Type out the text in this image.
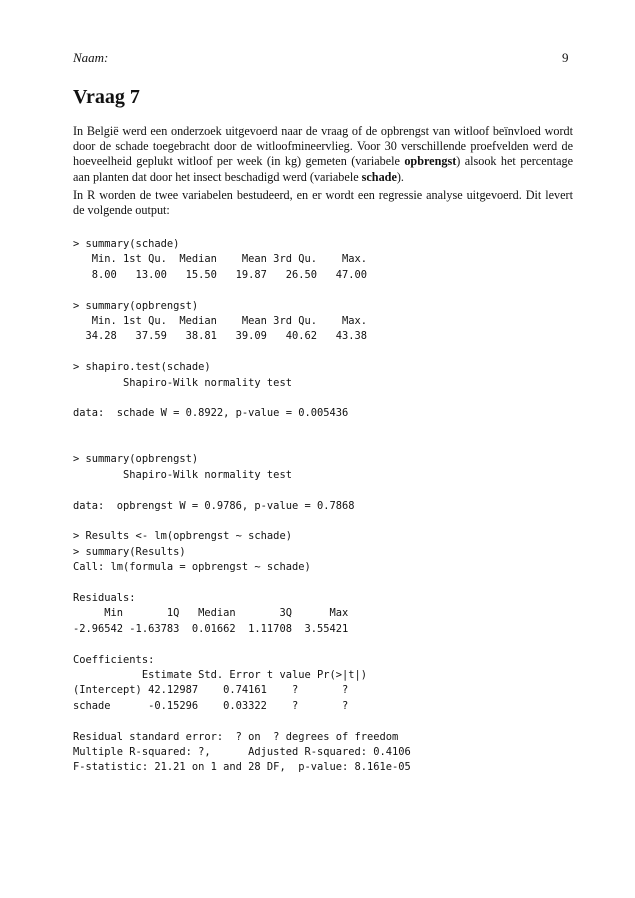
Naam:	9
Vraag 7

In België werd een onderzoek uitgevoerd naar de vraag of de opbrengst van witloof beïnvloed wordt door de schade toegebracht door de witloofmineervlieg. Voor 30 verschillende proefvelden werd de hoeveelheid geplukt witloof per week (in kg) gemeten (variabele opbrengst) alsook het percentage aan planten dat door het insect beschadigd werd (variabele schade).

In R worden de twee variabelen bestudeerd, en er wordt een regressie analyse uitgevoerd. Dit levert de volgende output:

> summary(schade)
Min. 1st Qu.  Median    Mean 3rd Qu.    Max.
8.00   13.00   15.50   19.87   26.50   47.00
> summary(opbrengst)
Min. 1st Qu.  Median    Mean 3rd Qu.    Max.
34.28   37.59   38.81   39.09   40.62   43.38
> shapiro.test(schade)
Shapiro-Wilk normality test
data:  schade W = 0.8922, p-value = 0.005436
> summary(opbrengst)
Shapiro-Wilk normality test
data:  opbrengst W = 0.9786, p-value = 0.7868
> Results <- lm(opbrengst ~ schade)
> summary(Results)
Call: lm(formula = opbrengst ~ schade)
Residuals:
Min       1Q   Median       3Q      Max
-2.96542 -1.63783  0.01662  1.11708  3.55421
Coefficients:
Estimate Std. Error t value Pr(>|t|)
(Intercept) 42.12987    0.74161    ?       ?
schade      -0.15296    0.03322    ?       ?
Residual standard error:  ? on  ? degrees of freedom
Multiple R-squared: ?,      Adjusted R-squared: 0.4106
F-statistic: 21.21 on 1 and 28 DF,  p-value: 8.161e-05
